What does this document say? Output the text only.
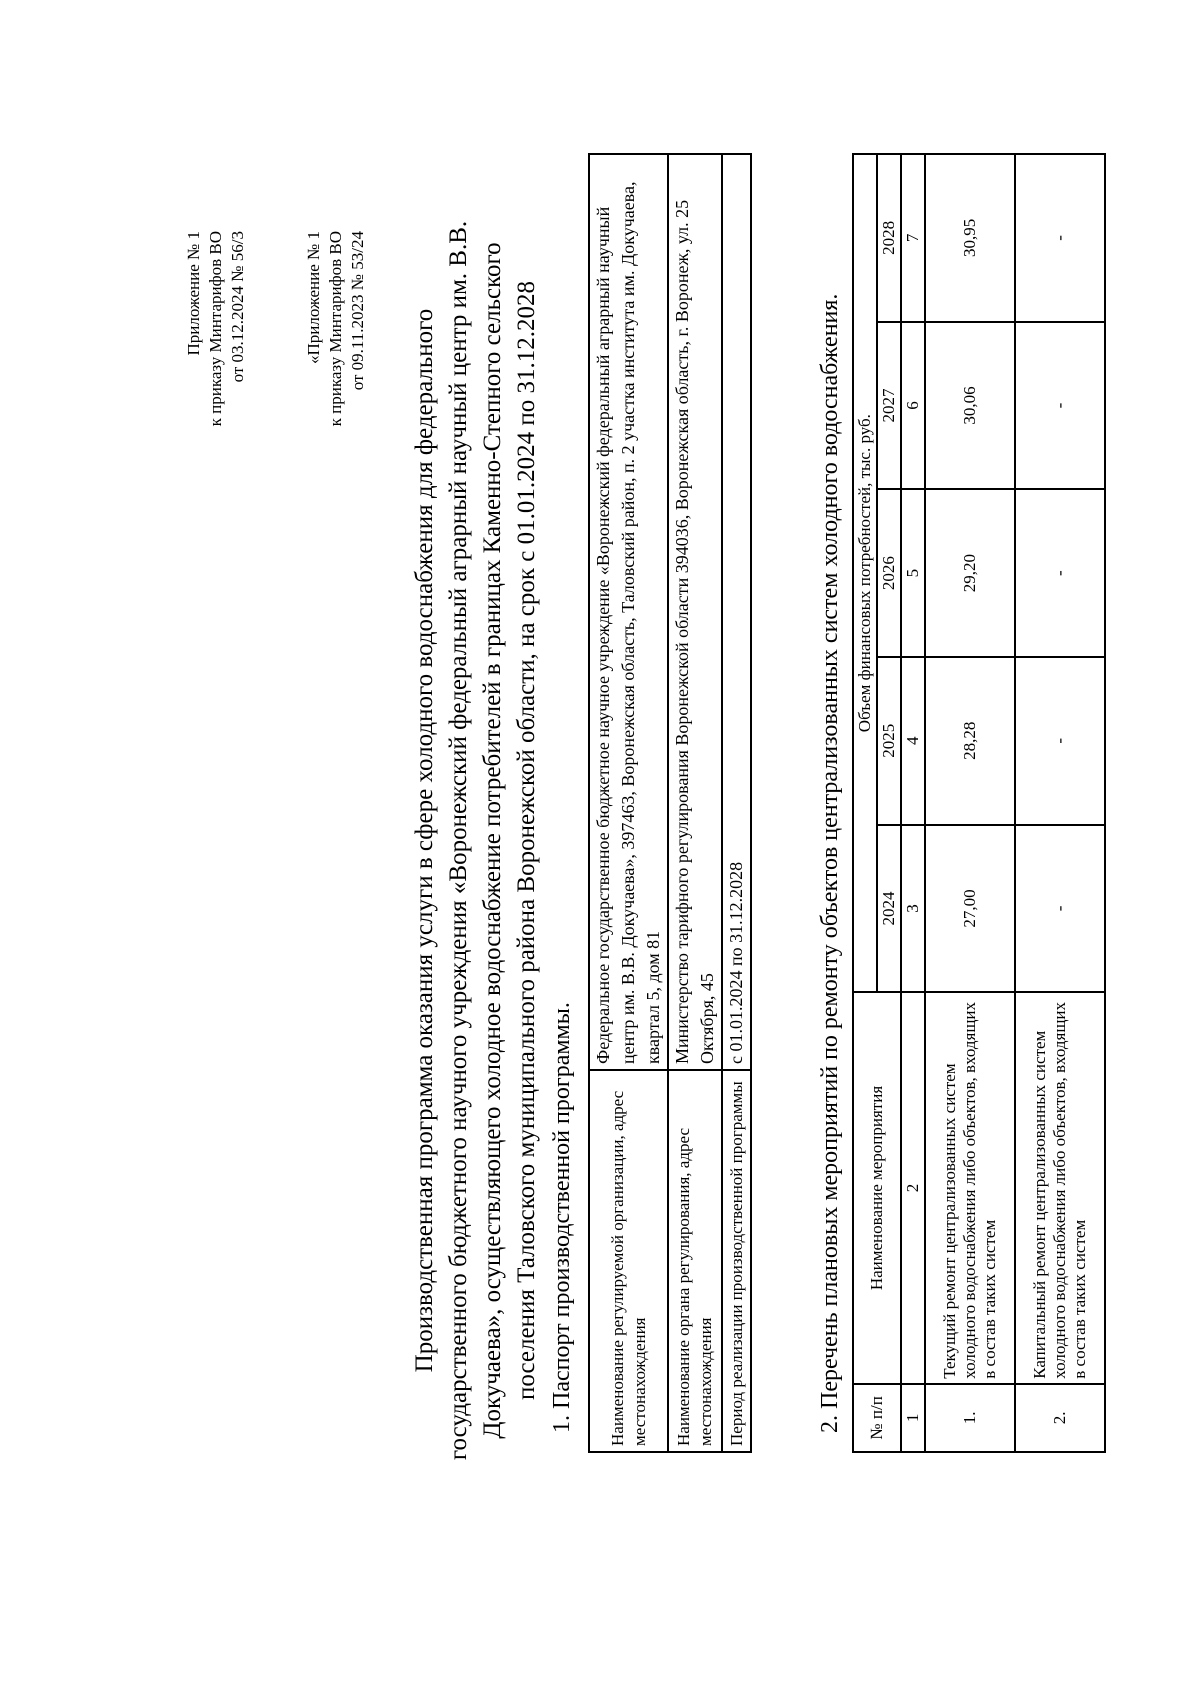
Приложение № 1 к приказу Минтарифов ВО от 03.12.2024 № 56/3	«Приложение № 1 к приказу Минтарифов ВО от 09.11.2023 № 53/24 Производственная программа оказания услуги в сфере холодного водоснабжения для федерального государственного бюджетного научного учреждения «Воронежский федеральный аграрный научный центр им. В.В. Докучаева», осуществляющего холодное водоснабжение потребителей в границах Каменно-Степного сельского поселения Таловского муниципального района Воронежской области, на срок с 01.01.2024 по 31.12.2028 1. Паспорт производственной программы. Наименование регулируемой организации, адрес местонахождения	Федеральное государственное бюджетное научное учреждение «Воронежский федеральный аграрный научный центр им. В.В. Докучаева», 397463, Воронежская область, Таловский район, п. 2 участка института им. Докучаева, квартал 5, дом 81
Наименование органа регулирования, адрес местонахождения	Министерство тарифного регулирования Воронежской области 394036, Воронежская область, г. Воронеж, ул. 25 Октября, 45
Период реализации производственной программы	с 01.01.2024 по 31.12.2028	2. Перечень плановых мероприятий по ремонту объектов централизованных систем холодного водоснабжения. № п/п	Наименование мероприятия	Объем финансовых потребностей, тыс. руб.				
		2024	2025	2026	2027	2028
1	2	3	4	5	6	7
1.	Текущий ремонт централизованных систем холодного водоснабжения либо объектов, входящих в состав таких систем	27,00	28,28	29,20	30,06	30,95
2.	Капитальный ремонт централизованных систем холодного водоснабжения либо объектов, входящих в состав таких систем	-	-	-	-	-
